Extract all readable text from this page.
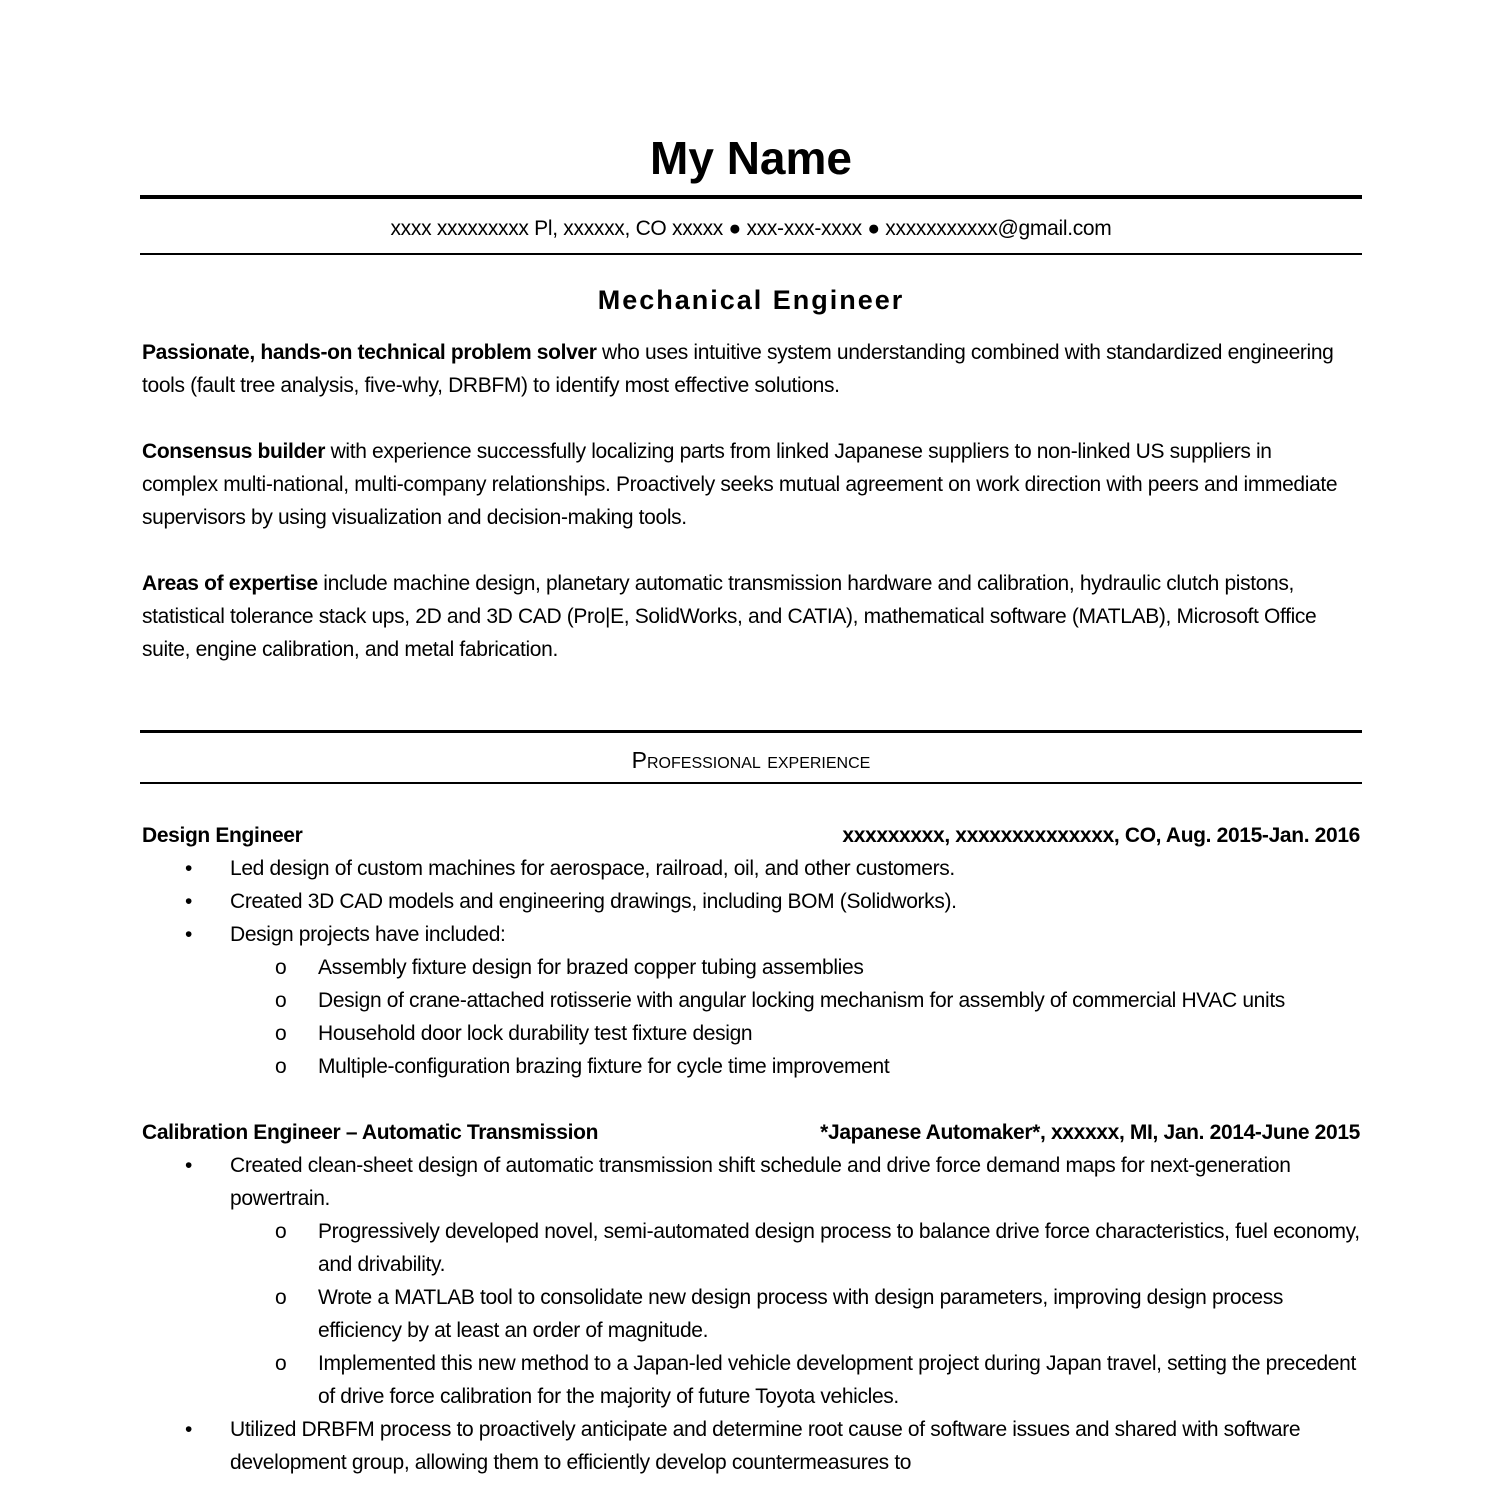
My Name
xxxx xxxxxxxxx Pl, xxxxxx, CO xxxxx ● xxx-xxx-xxxx ● xxxxxxxxxxx@gmail.com
Mechanical Engineer

Passionate, hands-on technical problem solver who uses intuitive system understanding combined with standardized engineering tools (fault tree analysis, five-why, DRBFM) to identify most effective solutions.

Consensus builder with experience successfully localizing parts from linked Japanese suppliers to non-linked US suppliers in complex multi-national, multi-company relationships. Proactively seeks mutual agreement on work direction with peers and immediate supervisors by using visualization and decision-making tools.

Areas of expertise include machine design, planetary automatic transmission hardware and calibration, hydraulic clutch pistons, statistical tolerance stack ups, 2D and 3D CAD (Pro|E, SolidWorks, and CATIA), mathematical software (MATLAB), Microsoft Office suite, engine calibration, and metal fabrication.

Professional experience
Design Engineer	xxxxxxxxx, xxxxxxxxxxxxxx, CO, Aug. 2015-Jan. 2016
• Led design of custom machines for aerospace, railroad, oil, and other customers.
• Created 3D CAD models and engineering drawings, including BOM (Solidworks).
• Design projects have included:
o Assembly fixture design for brazed copper tubing assemblies
o Design of crane-attached rotisserie with angular locking mechanism for assembly of commercial HVAC units
o Household door lock durability test fixture design
o Multiple-configuration brazing fixture for cycle time improvement
Calibration Engineer – Automatic Transmission	*Japanese Automaker*, xxxxxx, MI, Jan. 2014-June 2015
• Created clean-sheet design of automatic transmission shift schedule and drive force demand maps for next-generation powertrain.
o Progressively developed novel, semi-automated design process to balance drive force characteristics, fuel economy, and drivability.
o Wrote a MATLAB tool to consolidate new design process with design parameters, improving design process efficiency by at least an order of magnitude.
o Implemented this new method to a Japan-led vehicle development project during Japan travel, setting the precedent of drive force calibration for the majority of future Toyota vehicles.
• Utilized DRBFM process to proactively anticipate and determine root cause of software issues and shared with software development group, allowing them to efficiently develop countermeasures to
